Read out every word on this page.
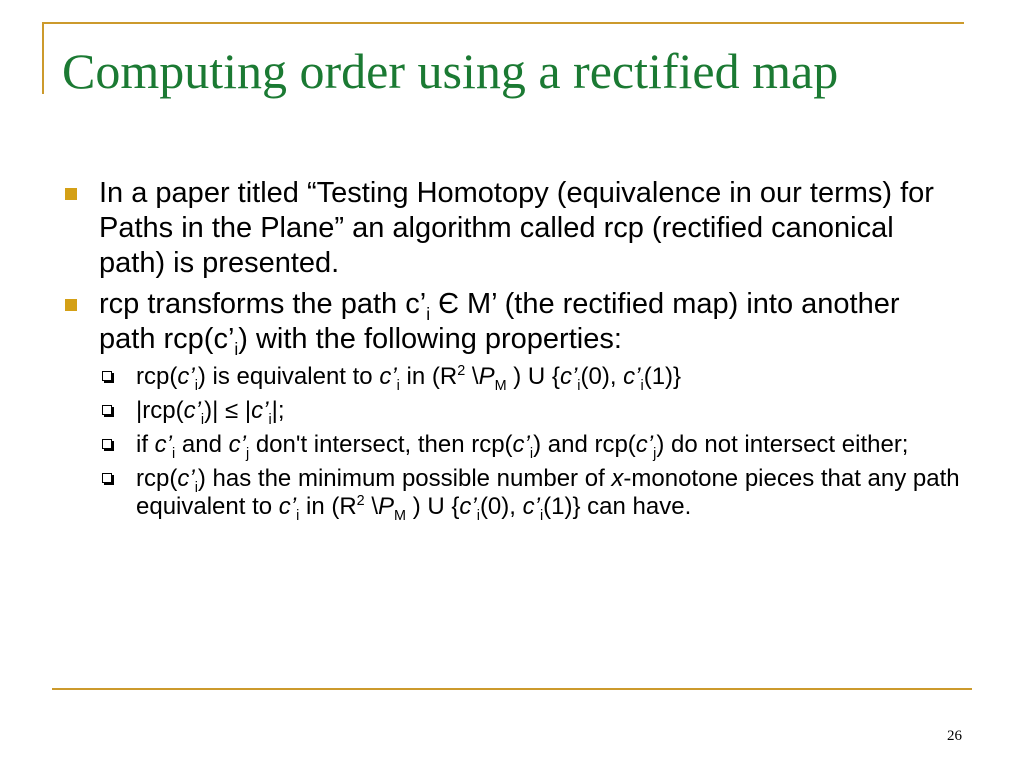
Computing order using a rectified map
In a paper titled “Testing Homotopy (equivalence in our terms) for Paths in the Plane” an algorithm called rcp (rectified canonical path) is presented.
rcp transforms the path $c’_i$ Є M’ (the rectified map) into another path $rcp(c’_i)$ with the following properties:
$rcp(c’_i)$ is equivalent to $c’_i$ in ($R^2$ $\backslash P_M$ ) U {$c’_i(0)$, $c’_i(1)$}
$|rcp(c’_i)|$ ≤ $|c’_i|$;
if $c’_i$ and $c’_j$ don't intersect, then $rcp(c’_i)$ and $rcp(c’_j)$ do not intersect either;
$rcp(c’_i)$ has the minimum possible number of x-monotone pieces that any path equivalent to $c’_i$ in ($R^2$ $\backslash P_M$ ) U {$c’_i(0)$, $c’_i(1)$} can have.
26
